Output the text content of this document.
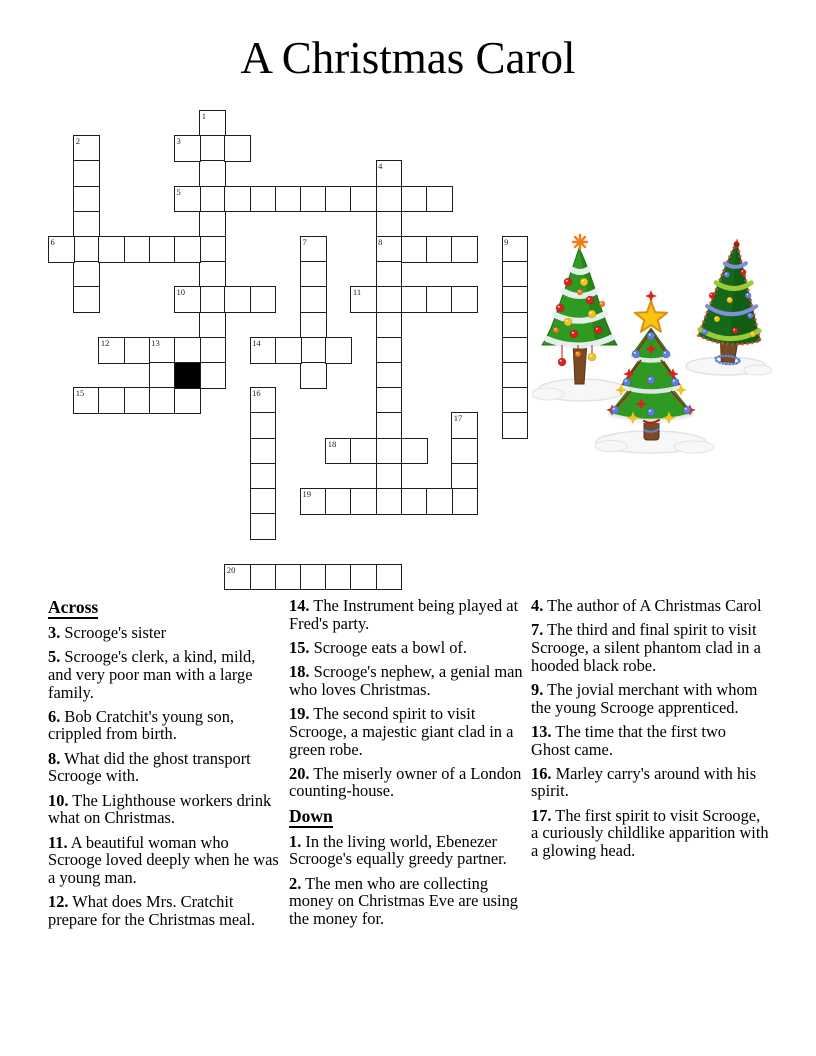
A Christmas Carol
1
2	3
4
8
5
6	7	9
10	11
12	13	14
15	16
17
18
19
20
Across

3. Scrooge's sister

5. Scrooge's clerk, a kind, mild, and very poor man with a large family.

6. Bob Cratchit's young son, crippled from birth.

8. What did the ghost transport Scrooge with.

10. The Lighthouse workers drink what on Christmas.

11. A beautiful woman who Scrooge loved deeply when he was a young man.

12. What does Mrs. Cratchit prepare for the Christmas meal.

14. The Instrument being played at Fred's party.

15. Scrooge eats a bowl of.

18. Scrooge's nephew, a genial man who loves Christmas.

19. The second spirit to visit Scrooge, a majestic giant clad in a green robe.

20. The miserly owner of a London counting-house.

Down

1. In the living world, Ebenezer Scrooge's equally greedy partner.

2. The men who are collecting money on Christmas Eve are using the money for.

4. The author of A Christmas Carol

7. The third and final spirit to visit Scrooge, a silent phantom clad in a hooded black robe.

9. The jovial merchant with whom the young Scrooge apprenticed.

13. The time that the first two Ghost came.

16. Marley carry's around with his spirit.

17. The first spirit to visit Scrooge, a curiously childlike apparition with a glowing head.
